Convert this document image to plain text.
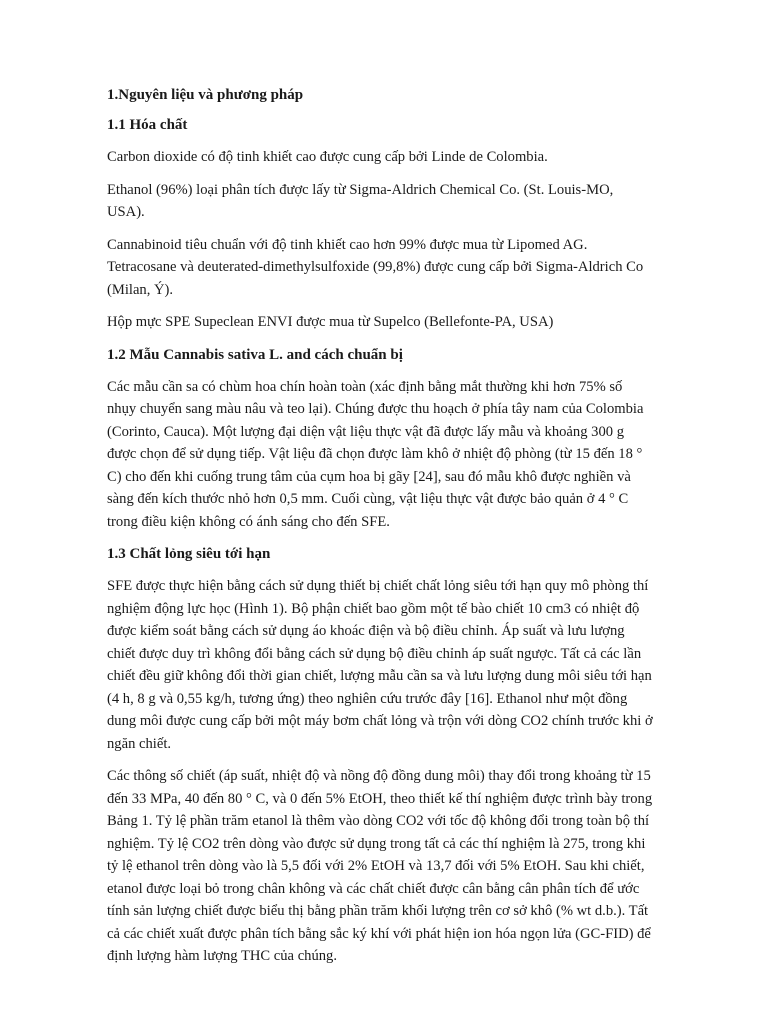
1.Nguyên liệu và phương pháp
1.1 Hóa chất
Carbon dioxide có độ tinh khiết cao được cung cấp bởi Linde de Colombia.
Ethanol (96%) loại phân tích được lấy từ Sigma-Aldrich Chemical Co. (St. Louis-MO, USA).
Cannabinoid tiêu chuẩn với độ tinh khiết cao hơn 99% được mua từ Lipomed AG. Tetracosane và deuterated-dimethylsulfoxide (99,8%) được cung cấp bởi Sigma-Aldrich Co (Milan, Ý).
Hộp mực SPE Supeclean ENVI được mua từ Supelco (Bellefonte-PA, USA)
1.2 Mẫu Cannabis sativa L. and cách chuẩn bị
Các mẫu cần sa có chùm hoa chín hoàn toàn (xác định bằng mắt thường khi hơn 75% số nhụy chuyển sang màu nâu và teo lại). Chúng được thu hoạch ở phía tây nam của Colombia (Corinto, Cauca). Một lượng đại diện vật liệu thực vật đã được lấy mẫu và khoảng 300 g được chọn để sử dụng tiếp. Vật liệu đã chọn được làm khô ở nhiệt độ phòng (từ 15 đến 18 ° C) cho đến khi cuống trung tâm của cụm hoa bị gãy [24], sau đó mẫu khô được nghiền và sàng đến kích thước nhỏ hơn 0,5 mm. Cuối cùng, vật liệu thực vật được bảo quản ở 4 ° C trong điều kiện không có ánh sáng cho đến SFE.
1.3 Chất lỏng siêu tới hạn
SFE được thực hiện bằng cách sử dụng thiết bị chiết chất lỏng siêu tới hạn quy mô phòng thí nghiệm động lực học (Hình 1). Bộ phận chiết bao gồm một tế bào chiết 10 cm3 có nhiệt độ được kiểm soát bằng cách sử dụng áo khoác điện và bộ điều chỉnh. Áp suất và lưu lượng chiết được duy trì không đổi bằng cách sử dụng bộ điều chỉnh áp suất ngược. Tất cả các lần chiết đều giữ không đổi thời gian chiết, lượng mẫu cần sa và lưu lượng dung môi siêu tới hạn (4 h, 8 g và 0,55 kg/h, tương ứng) theo nghiên cứu trước đây [16]. Ethanol như một đồng dung môi được cung cấp bởi một máy bơm chất lỏng và trộn với dòng CO2 chính trước khi ở ngăn chiết.
Các thông số chiết (áp suất, nhiệt độ và nồng độ đồng dung môi) thay đổi trong khoảng từ 15 đến 33 MPa, 40 đến 80 ° C, và 0 đến 5% EtOH, theo thiết kế thí nghiệm được trình bày trong Bảng 1. Tỷ lệ phần trăm etanol là thêm vào dòng CO2 với tốc độ không đổi trong toàn bộ thí nghiệm. Tỷ lệ CO2 trên dòng vào được sử dụng trong tất cả các thí nghiệm là 275, trong khi tỷ lệ ethanol trên dòng vào là 5,5 đối với 2% EtOH và 13,7 đối với 5% EtOH. Sau khi chiết, etanol được loại bỏ trong chân không và các chất chiết được cân bằng cân phân tích để ước tính sản lượng chiết được biểu thị bằng phần trăm khối lượng trên cơ sở khô (% wt d.b.). Tất cả các chiết xuất được phân tích bằng sắc ký khí với phát hiện ion hóa ngọn lửa (GC-FID) để định lượng hàm lượng THC của chúng.
